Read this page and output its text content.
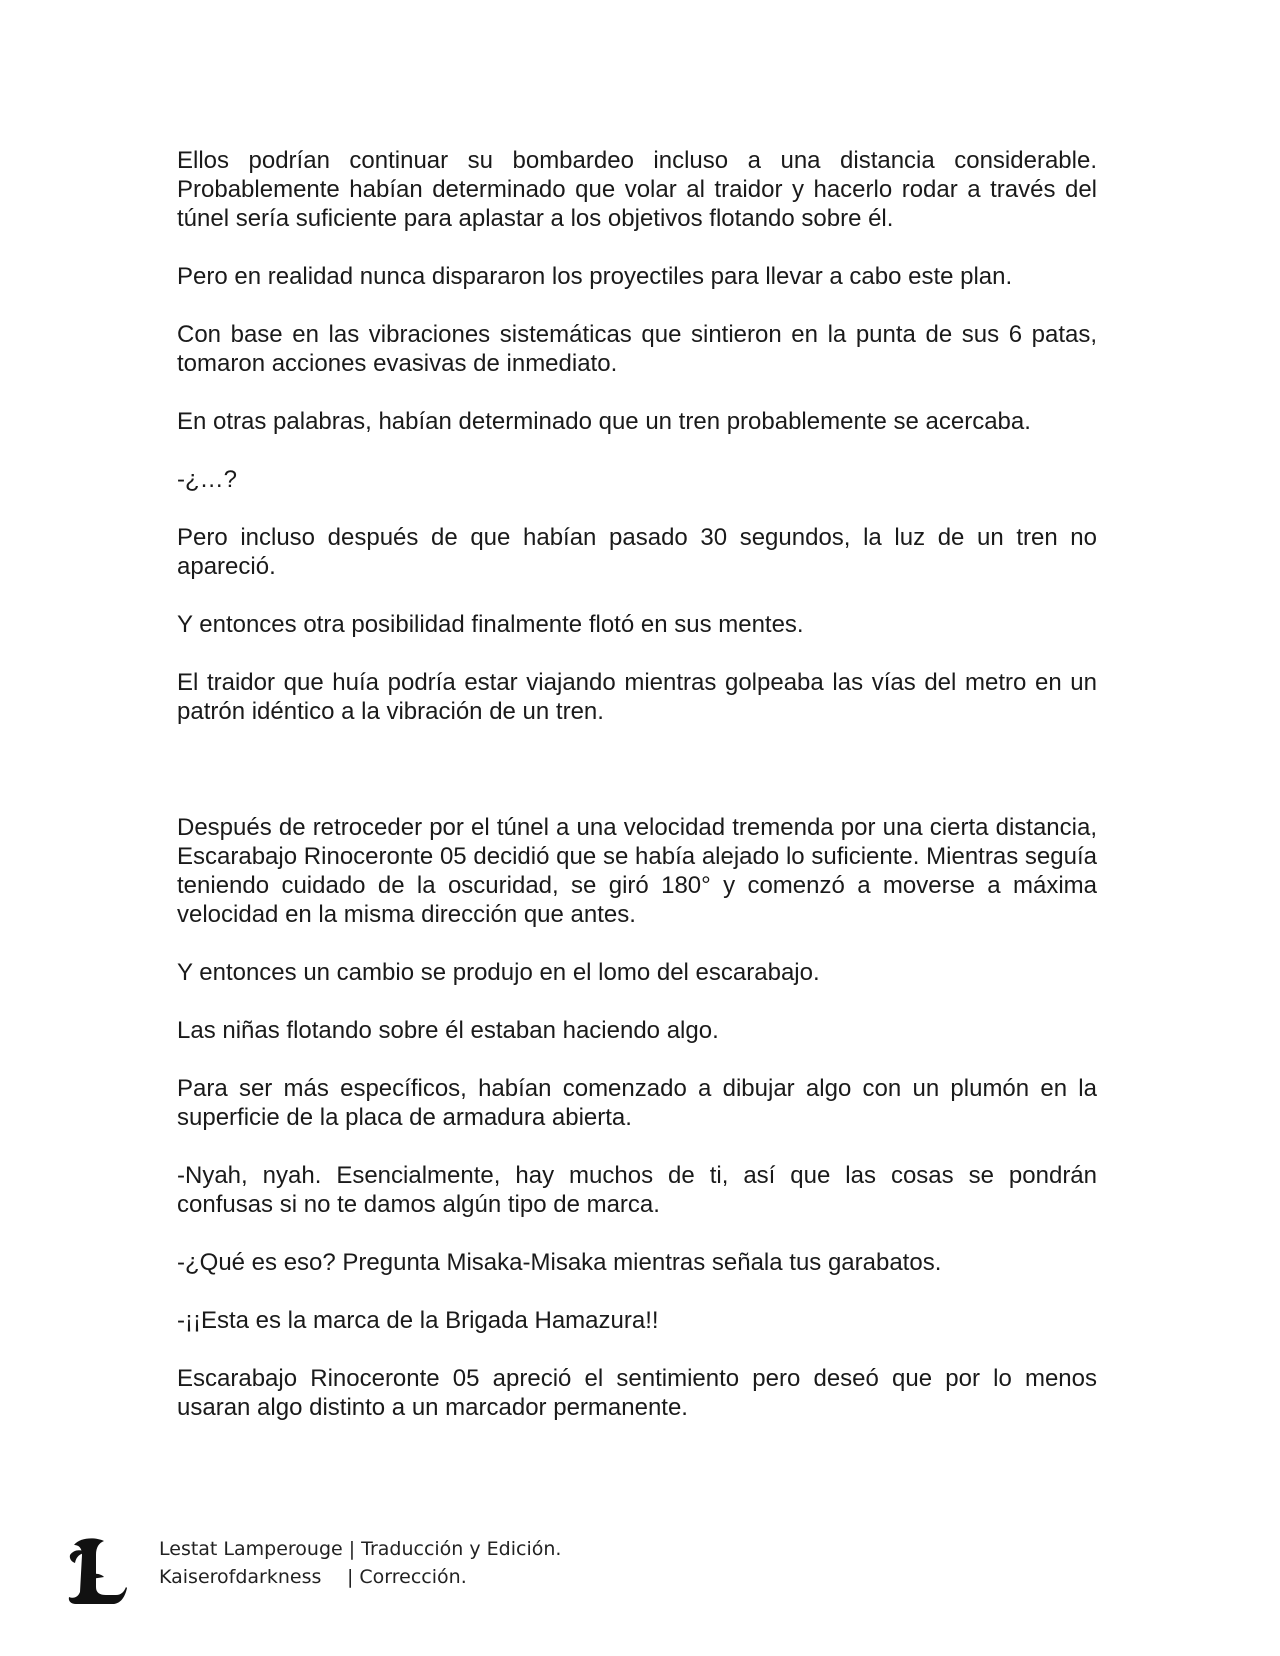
Ellos podrían continuar su bombardeo incluso a una distancia considerable. Probablemente habían determinado que volar al traidor y hacerlo rodar a través del túnel sería suficiente para aplastar a los objetivos flotando sobre él.

Pero en realidad nunca dispararon los proyectiles para llevar a cabo este plan.

Con base en las vibraciones sistemáticas que sintieron en la punta de sus 6 patas, tomaron acciones evasivas de inmediato.

En otras palabras, habían determinado que un tren probablemente se acercaba.

-¿…?

Pero incluso después de que habían pasado 30 segundos, la luz de un tren no apareció.

Y entonces otra posibilidad finalmente flotó en sus mentes.

El traidor que huía podría estar viajando mientras golpeaba las vías del metro en un patrón idéntico a la vibración de un tren.

Después de retroceder por el túnel a una velocidad tremenda por una cierta distancia, Escarabajo Rinoceronte 05 decidió que se había alejado lo suficiente. Mientras seguía teniendo cuidado de la oscuridad, se giró 180° y comenzó a moverse a máxima velocidad en la misma dirección que antes.

Y entonces un cambio se produjo en el lomo del escarabajo.

Las niñas flotando sobre él estaban haciendo algo.

Para ser más específicos, habían comenzado a dibujar algo con un plumón en la superficie de la placa de armadura abierta.

-Nyah, nyah. Esencialmente, hay muchos de ti, así que las cosas se pondrán confusas si no te damos algún tipo de marca.

-¿Qué es eso? Pregunta Misaka-Misaka mientras señala tus garabatos.

-¡¡Esta es la marca de la Brigada Hamazura!!

Escarabajo Rinoceronte 05 apreció el sentimiento pero deseó que por lo menos usaran algo distinto a un marcador permanente.

Lestat Lamperouge | Traducción y Edición.
Kaiserofdarkness	| Corrección.
